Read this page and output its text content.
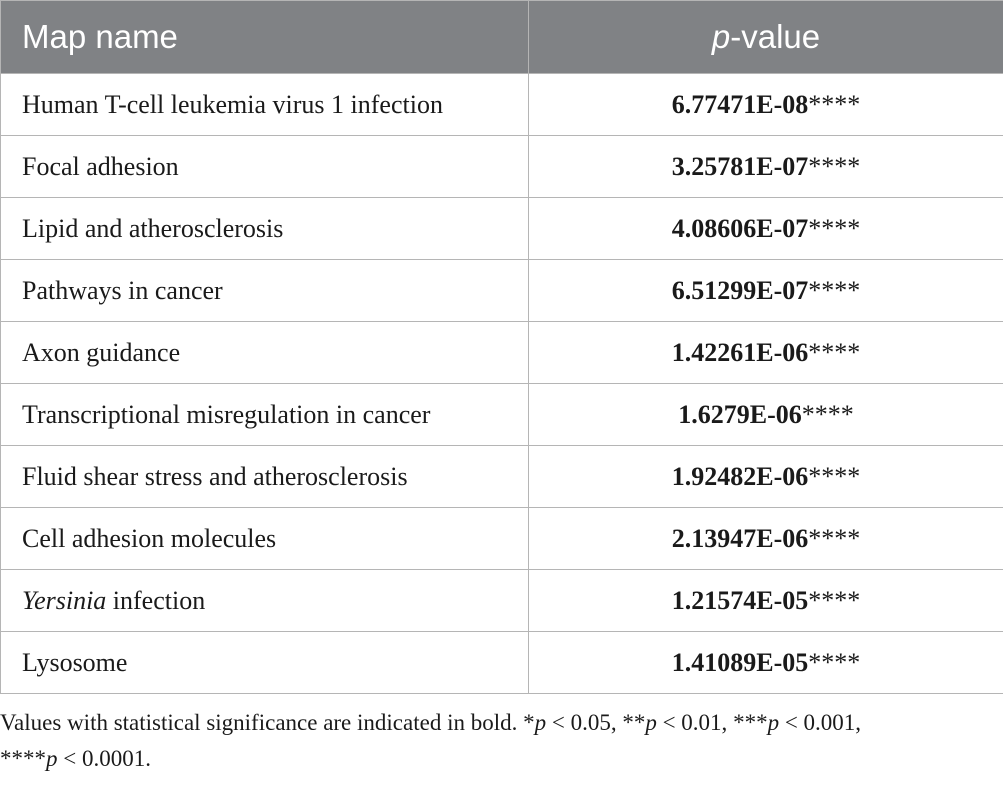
Map name	p-value
Human T-cell leukemia virus 1 infection	6.77471E-08****
Focal adhesion	3.25781E-07****
Lipid and atherosclerosis	4.08606E-07****
Pathways in cancer	6.51299E-07****
Axon guidance	1.42261E-06****
Transcriptional misregulation in cancer	1.6279E-06****
Fluid shear stress and atherosclerosis	1.92482E-06****
Cell adhesion molecules	2.13947E-06****
Yersinia infection	1.21574E-05****
Lysosome	1.41089E-05****
Values with statistical significance are indicated in bold. *p < 0.05, **p < 0.01, ***p < 0.001,
****p < 0.0001.
